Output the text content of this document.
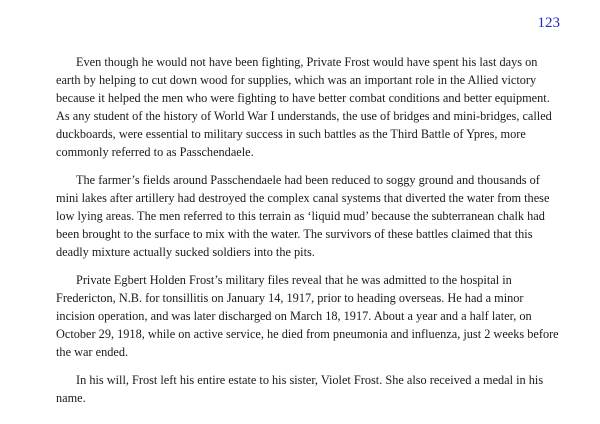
123

Even though he would not have been fighting, Private Frost would have spent his last days on earth by helping to cut down wood for supplies, which was an important role in the Allied victory because it helped the men who were fighting to have better combat conditions and better equipment. As any student of the history of World War I understands, the use of bridges and mini-bridges, called duckboards, were essential to military success in such battles as the Third Battle of Ypres, more commonly referred to as Passchendaele.

The farmer’s fields around Passchendaele had been reduced to soggy ground and thousands of mini lakes after artillery had destroyed the complex canal systems that diverted the water from these low lying areas. The men referred to this terrain as ‘liquid mud’ because the subterranean chalk had been brought to the surface to mix with the water. The survivors of these battles claimed that this deadly mixture actually sucked soldiers into the pits.

Private Egbert Holden Frost’s military files reveal that he was admitted to the hospital in Fredericton, N.B. for tonsillitis on January 14, 1917, prior to heading overseas. He had a minor incision operation, and was later discharged on March 18, 1917. About a year and a half later, on October 29, 1918, while on active service, he died from pneumonia and influenza, just 2 weeks before the war ended.

In his will, Frost left his entire estate to his sister, Violet Frost. She also received a medal in his name.
